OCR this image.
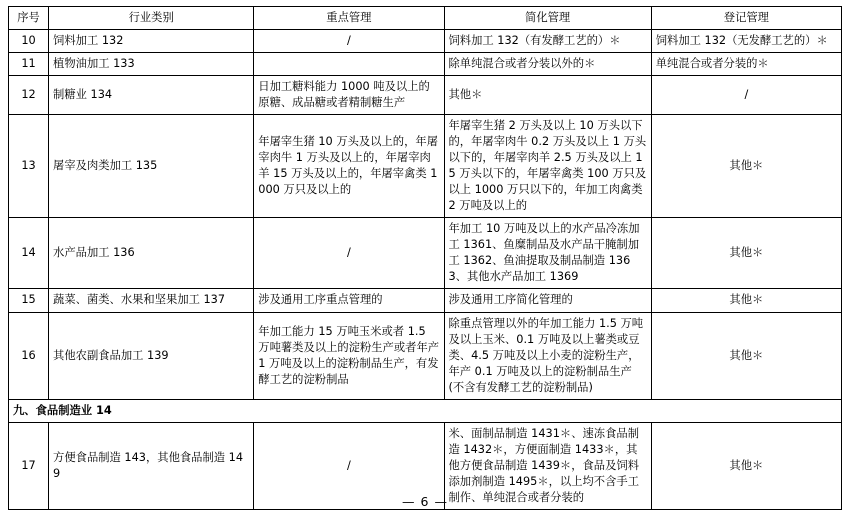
序号	行业类别	重点管理	简化管理	登记管理
10	饲料加工 132	/	饲料加工 132（有发酵工艺的）＊	饲料加工 132（无发酵工艺的）＊
11	植物油加工 133		除单纯混合或者分装以外的＊	单纯混合或者分装的＊
12	制糖业 134	日加工糖料能力 1000 吨及以上的原糖、成品糖或者精制糖生产	其他＊	/
13	屠宰及肉类加工 135	年屠宰生猪 10 万头及以上的，年屠宰肉牛 1 万头及以上的，年屠宰肉羊 15 万头及以上的，年屠宰禽类 1000 万只及以上的	年屠宰生猪 2 万头及以上 10 万头以下的，年屠宰肉牛 0.2 万头及以上 1 万头以下的，年屠宰肉羊 2.5 万头及以上 15 万头以下的，年屠宰禽类 100 万只及以上 1000 万只以下的，年加工肉禽类 2 万吨及以上的	其他＊
14	水产品加工 136	/	年加工 10 万吨及以上的水产品冷冻加工 1361、鱼糜制品及水产品干腌制加工 1362、鱼油提取及制品制造 1363、其他水产品加工 1369	其他＊
15	蔬菜、菌类、水果和坚果加工 137	涉及通用工序重点管理的	涉及通用工序简化管理的	其他＊
16	其他农副食品加工 139	年加工能力 15 万吨玉米或者 1.5 万吨薯类及以上的淀粉生产或者年产 1 万吨及以上的淀粉制品生产，有发酵工艺的淀粉制品	除重点管理以外的年加工能力 1.5 万吨及以上玉米、0.1 万吨及以上薯类或豆类、4.5 万吨及以上小麦的淀粉生产，年产 0.1 万吨及以上的淀粉制品生产(不含有发酵工艺的淀粉制品)	其他＊
九、食品制造业 14				
17	方便食品制造 143，其他食品制造 149	/	米、面制品制造 1431＊、速冻食品制造 1432＊，方便面制造 1433＊，其他方便食品制造 1439＊，食品及饲料添加剂制造 1495＊，以上均不含手工制作、单纯混合或者分装的	其他＊
— 6 —
